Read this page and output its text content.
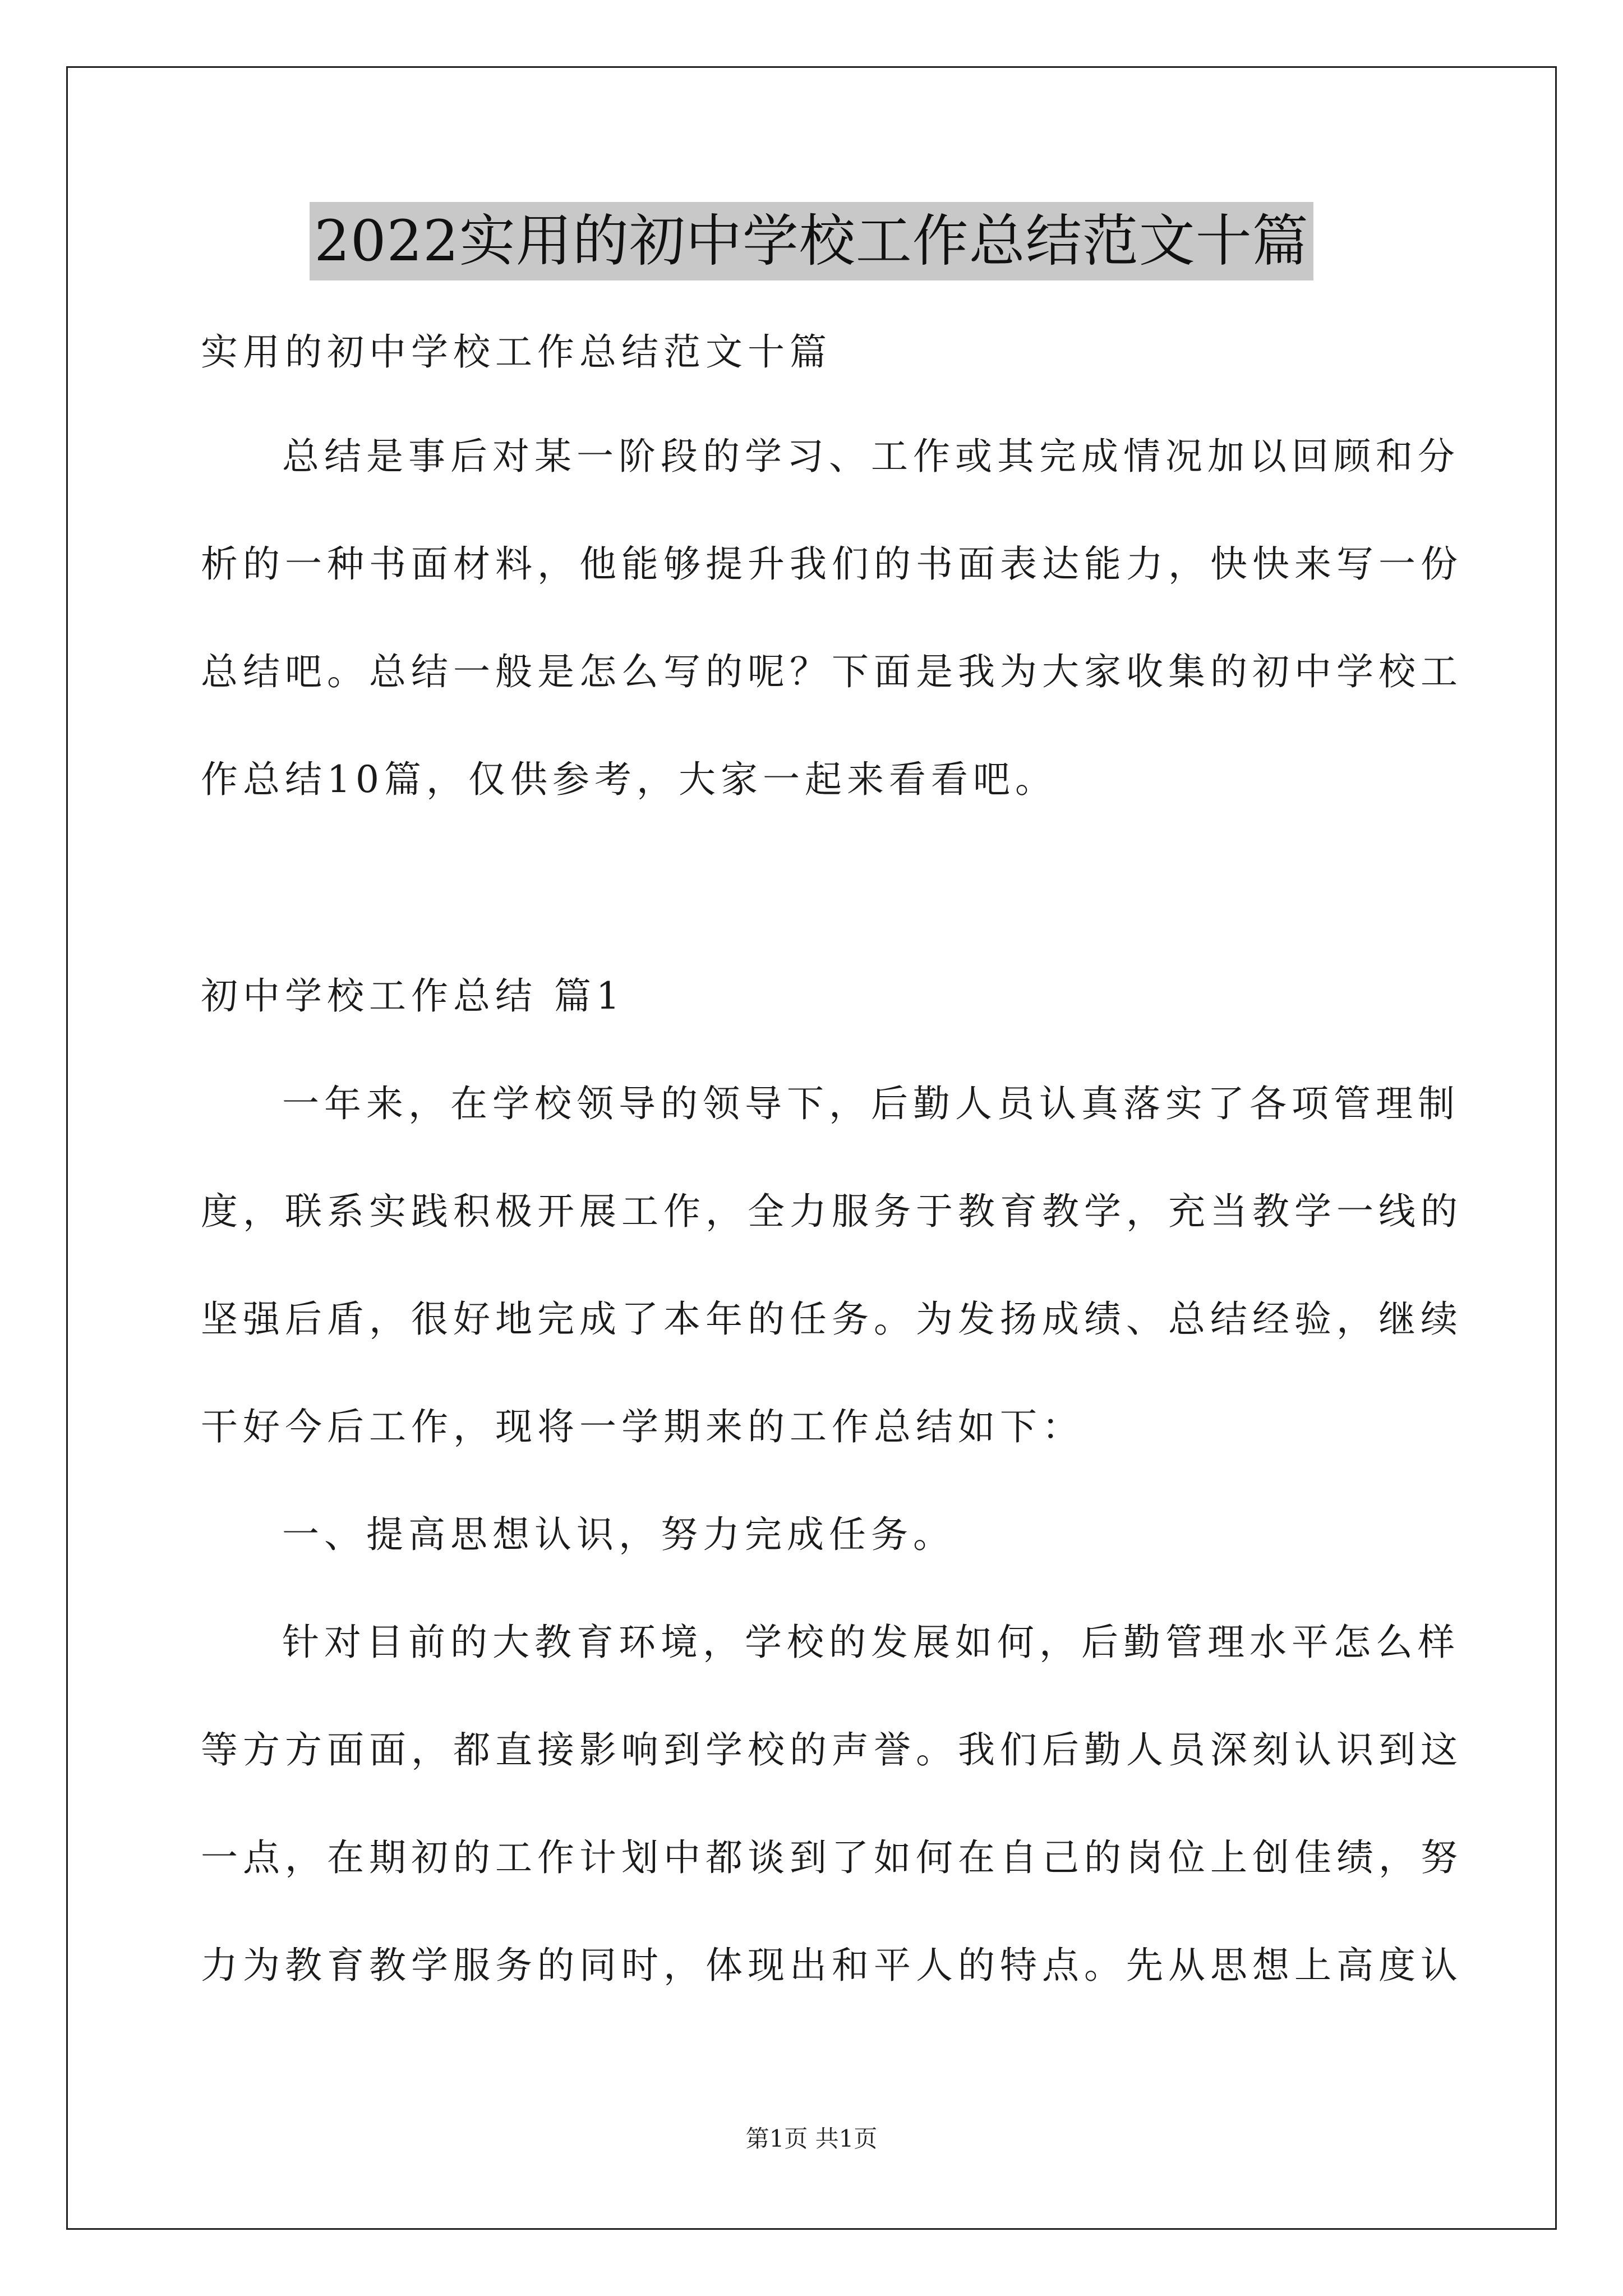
2022实用的初中学校工作总结范文十篇
实用的初中学校工作总结范文十篇
总结是事后对某一阶段的学习、工作或其完成情况加以回顾和分
析的一种书面材料，他能够提升我们的书面表达能力，快快来写一份
总结吧。总结一般是怎么写的呢？下面是我为大家收集的初中学校工
作总结10篇，仅供参考，大家一起来看看吧。
初中学校工作总结 篇1
一年来，在学校领导的领导下，后勤人员认真落实了各项管理制
度，联系实践积极开展工作，全力服务于教育教学，充当教学一线的
坚强后盾，很好地完成了本年的任务。为发扬成绩、总结经验，继续
干好今后工作，现将一学期来的工作总结如下：
一、提高思想认识，努力完成任务。
针对目前的大教育环境，学校的发展如何，后勤管理水平怎么样
等方方面面，都直接影响到学校的声誉。我们后勤人员深刻认识到这
一点，在期初的工作计划中都谈到了如何在自己的岗位上创佳绩，努
力为教育教学服务的同时，体现出和平人的特点。先从思想上高度认
第1页 共1页
